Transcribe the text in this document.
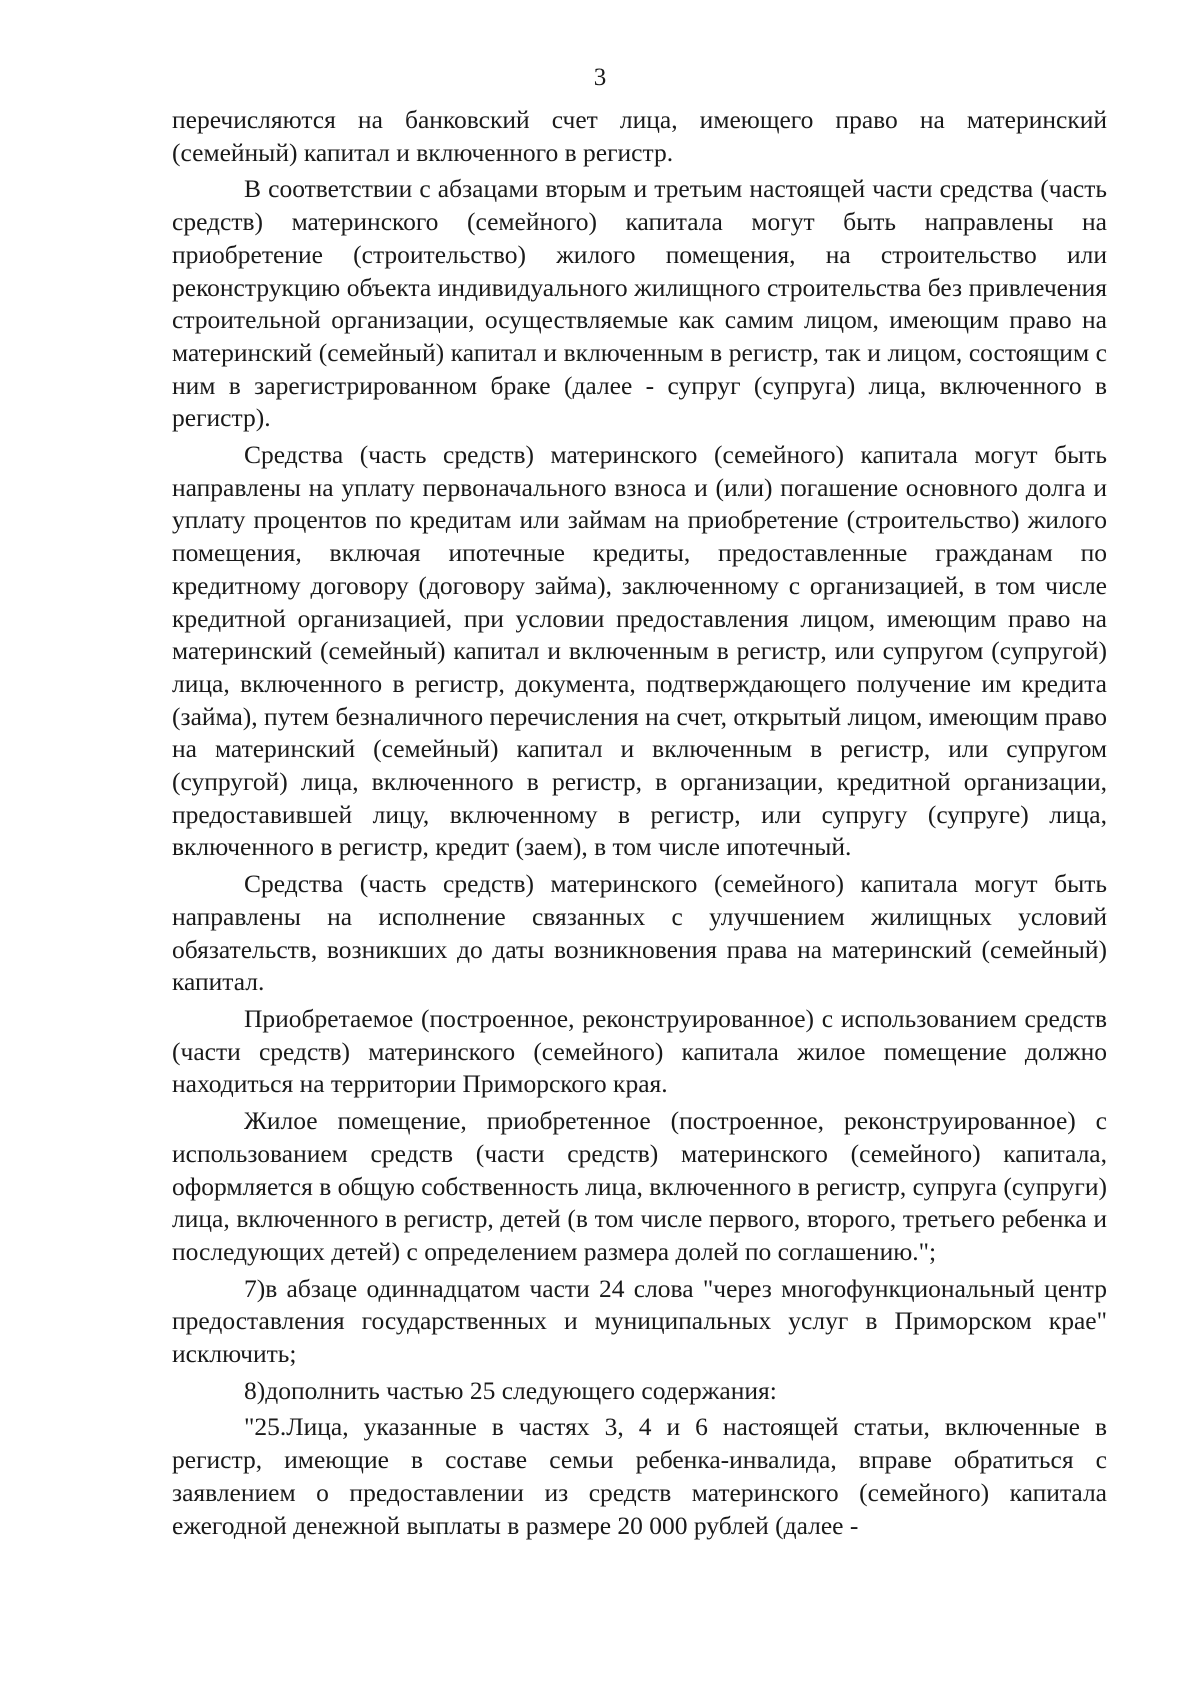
3

перечисляются на банковский счет лица, имеющего право на материнский (семейный) капитал и включенного в регистр.

В соответствии с абзацами вторым и третьим настоящей части средства (часть средств) материнского (семейного) капитала могут быть направлены на приобретение (строительство) жилого помещения, на строительство или реконструкцию объекта индивидуального жилищного строительства без привлечения строительной организации, осуществляемые как самим лицом, имеющим право на материнский (семейный) капитал и включенным в регистр, так и лицом, состоящим с ним в зарегистрированном браке (далее - супруг (супруга) лица, включенного в регистр).

Средства (часть средств) материнского (семейного) капитала могут быть направлены на уплату первоначального взноса и (или) погашение основного долга и уплату процентов по кредитам или займам на приобретение (строительство) жилого помещения, включая ипотечные кредиты, предоставленные гражданам по кредитному договору (договору займа), заключенному с организацией, в том числе кредитной организацией, при условии предоставления лицом, имеющим право на материнский (семейный) капитал и включенным в регистр, или супругом (супругой) лица, включенного в регистр, документа, подтверждающего получение им кредита (займа), путем безналичного перечисления на счет, открытый лицом, имеющим право на материнский (семейный) капитал и включенным в регистр, или супругом (супругой) лица, включенного в регистр, в организации, кредитной организации, предоставившей лицу, включенному в регистр, или супругу (супруге) лица, включенного в регистр, кредит (заем), в том числе ипотечный.

Средства (часть средств) материнского (семейного) капитала могут быть направлены на исполнение связанных с улучшением жилищных условий обязательств, возникших до даты возникновения права на материнский (семейный) капитал.

Приобретаемое (построенное, реконструированное) с использованием средств (части средств) материнского (семейного) капитала жилое помещение должно находиться на территории Приморского края.

Жилое помещение, приобретенное (построенное, реконструированное) с использованием средств (части средств) материнского (семейного) капитала, оформляется в общую собственность лица, включенного в регистр, супруга (супруги) лица, включенного в регистр, детей (в том числе первого, второго, третьего ребенка и последующих детей) с определением размера долей по соглашению.";

7)в абзаце одиннадцатом части 24 слова "через многофункциональный центр предоставления государственных и муниципальных услуг в Приморском крае" исключить;

8)дополнить частью 25 следующего содержания:

"25.Лица, указанные в частях 3, 4 и 6 настоящей статьи, включенные в регистр, имеющие в составе семьи ребенка-инвалида, вправе обратиться с заявлением о предоставлении из средств материнского (семейного) капитала ежегодной денежной выплаты в размере 20 000 рублей (далее -
